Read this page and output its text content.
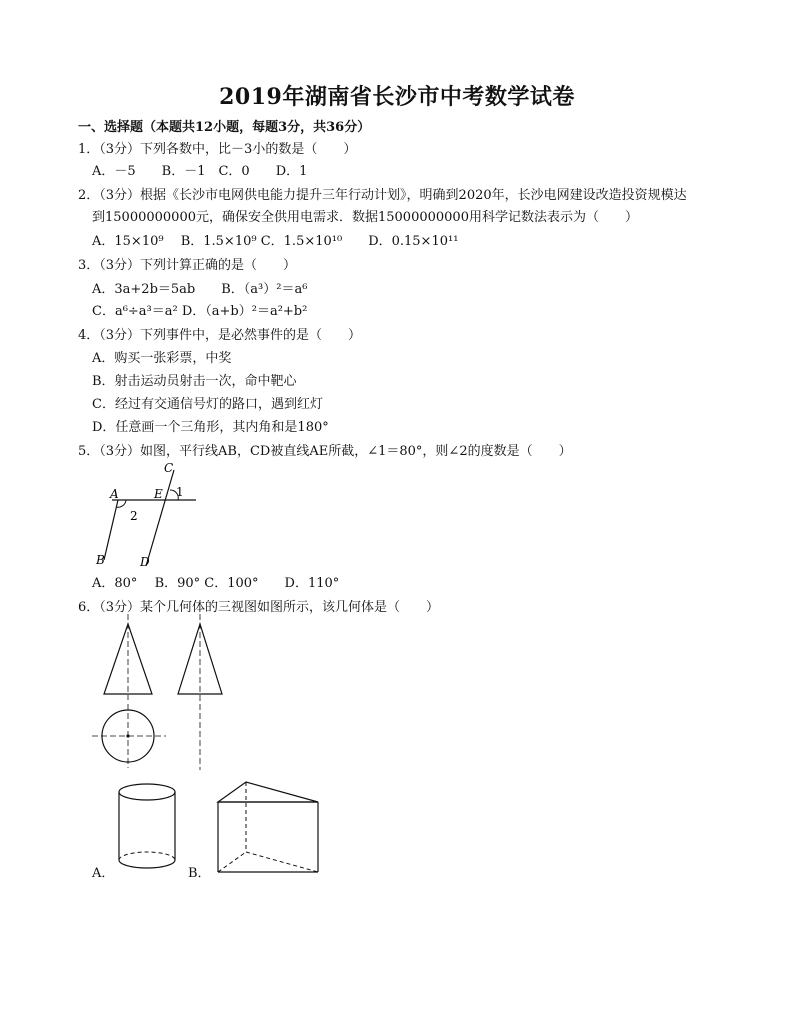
2019年湖南省长沙市中考数学试卷
一、选择题（本题共12小题，每题3分，共36分）
1．（3分）下列各数中，比－3小的数是（　　）
A．－5　　B．－1　C．0　　D．1
2．（3分）根据《长沙市电网供电能力提升三年行动计划》，明确到2020年，长沙电网建设改造投资规模达
到15000000000元，确保安全供用电需求．数据15000000000用科学记数法表示为（　　）
A．15×10⁹　 B．1.5×10⁹ C．1.5×10¹⁰　　D．0.15×10¹¹
3．（3分）下列计算正确的是（　　）
A．3a+2b＝5ab　　B．（a³）²＝a⁶
C．a⁶÷a³＝a² D．（a+b）²＝a²+b²
4．（3分）下列事件中，是必然事件的是（　　）
A．购买一张彩票，中奖
B．射击运动员射击一次，命中靶心
C．经过有交通信号灯的路口，遇到红灯
D．任意画一个三角形，其内角和是180°
5．（3分）如图，平行线AB，CD被直线AE所截，∠1＝80°，则∠2的度数是（　　）
A
B
C
D
E 1
2
A．80°　 B．90° C．100°　　D．110°
6．（3分）某个几何体的三视图如图所示，该几何体是（　　）
A．	B．
